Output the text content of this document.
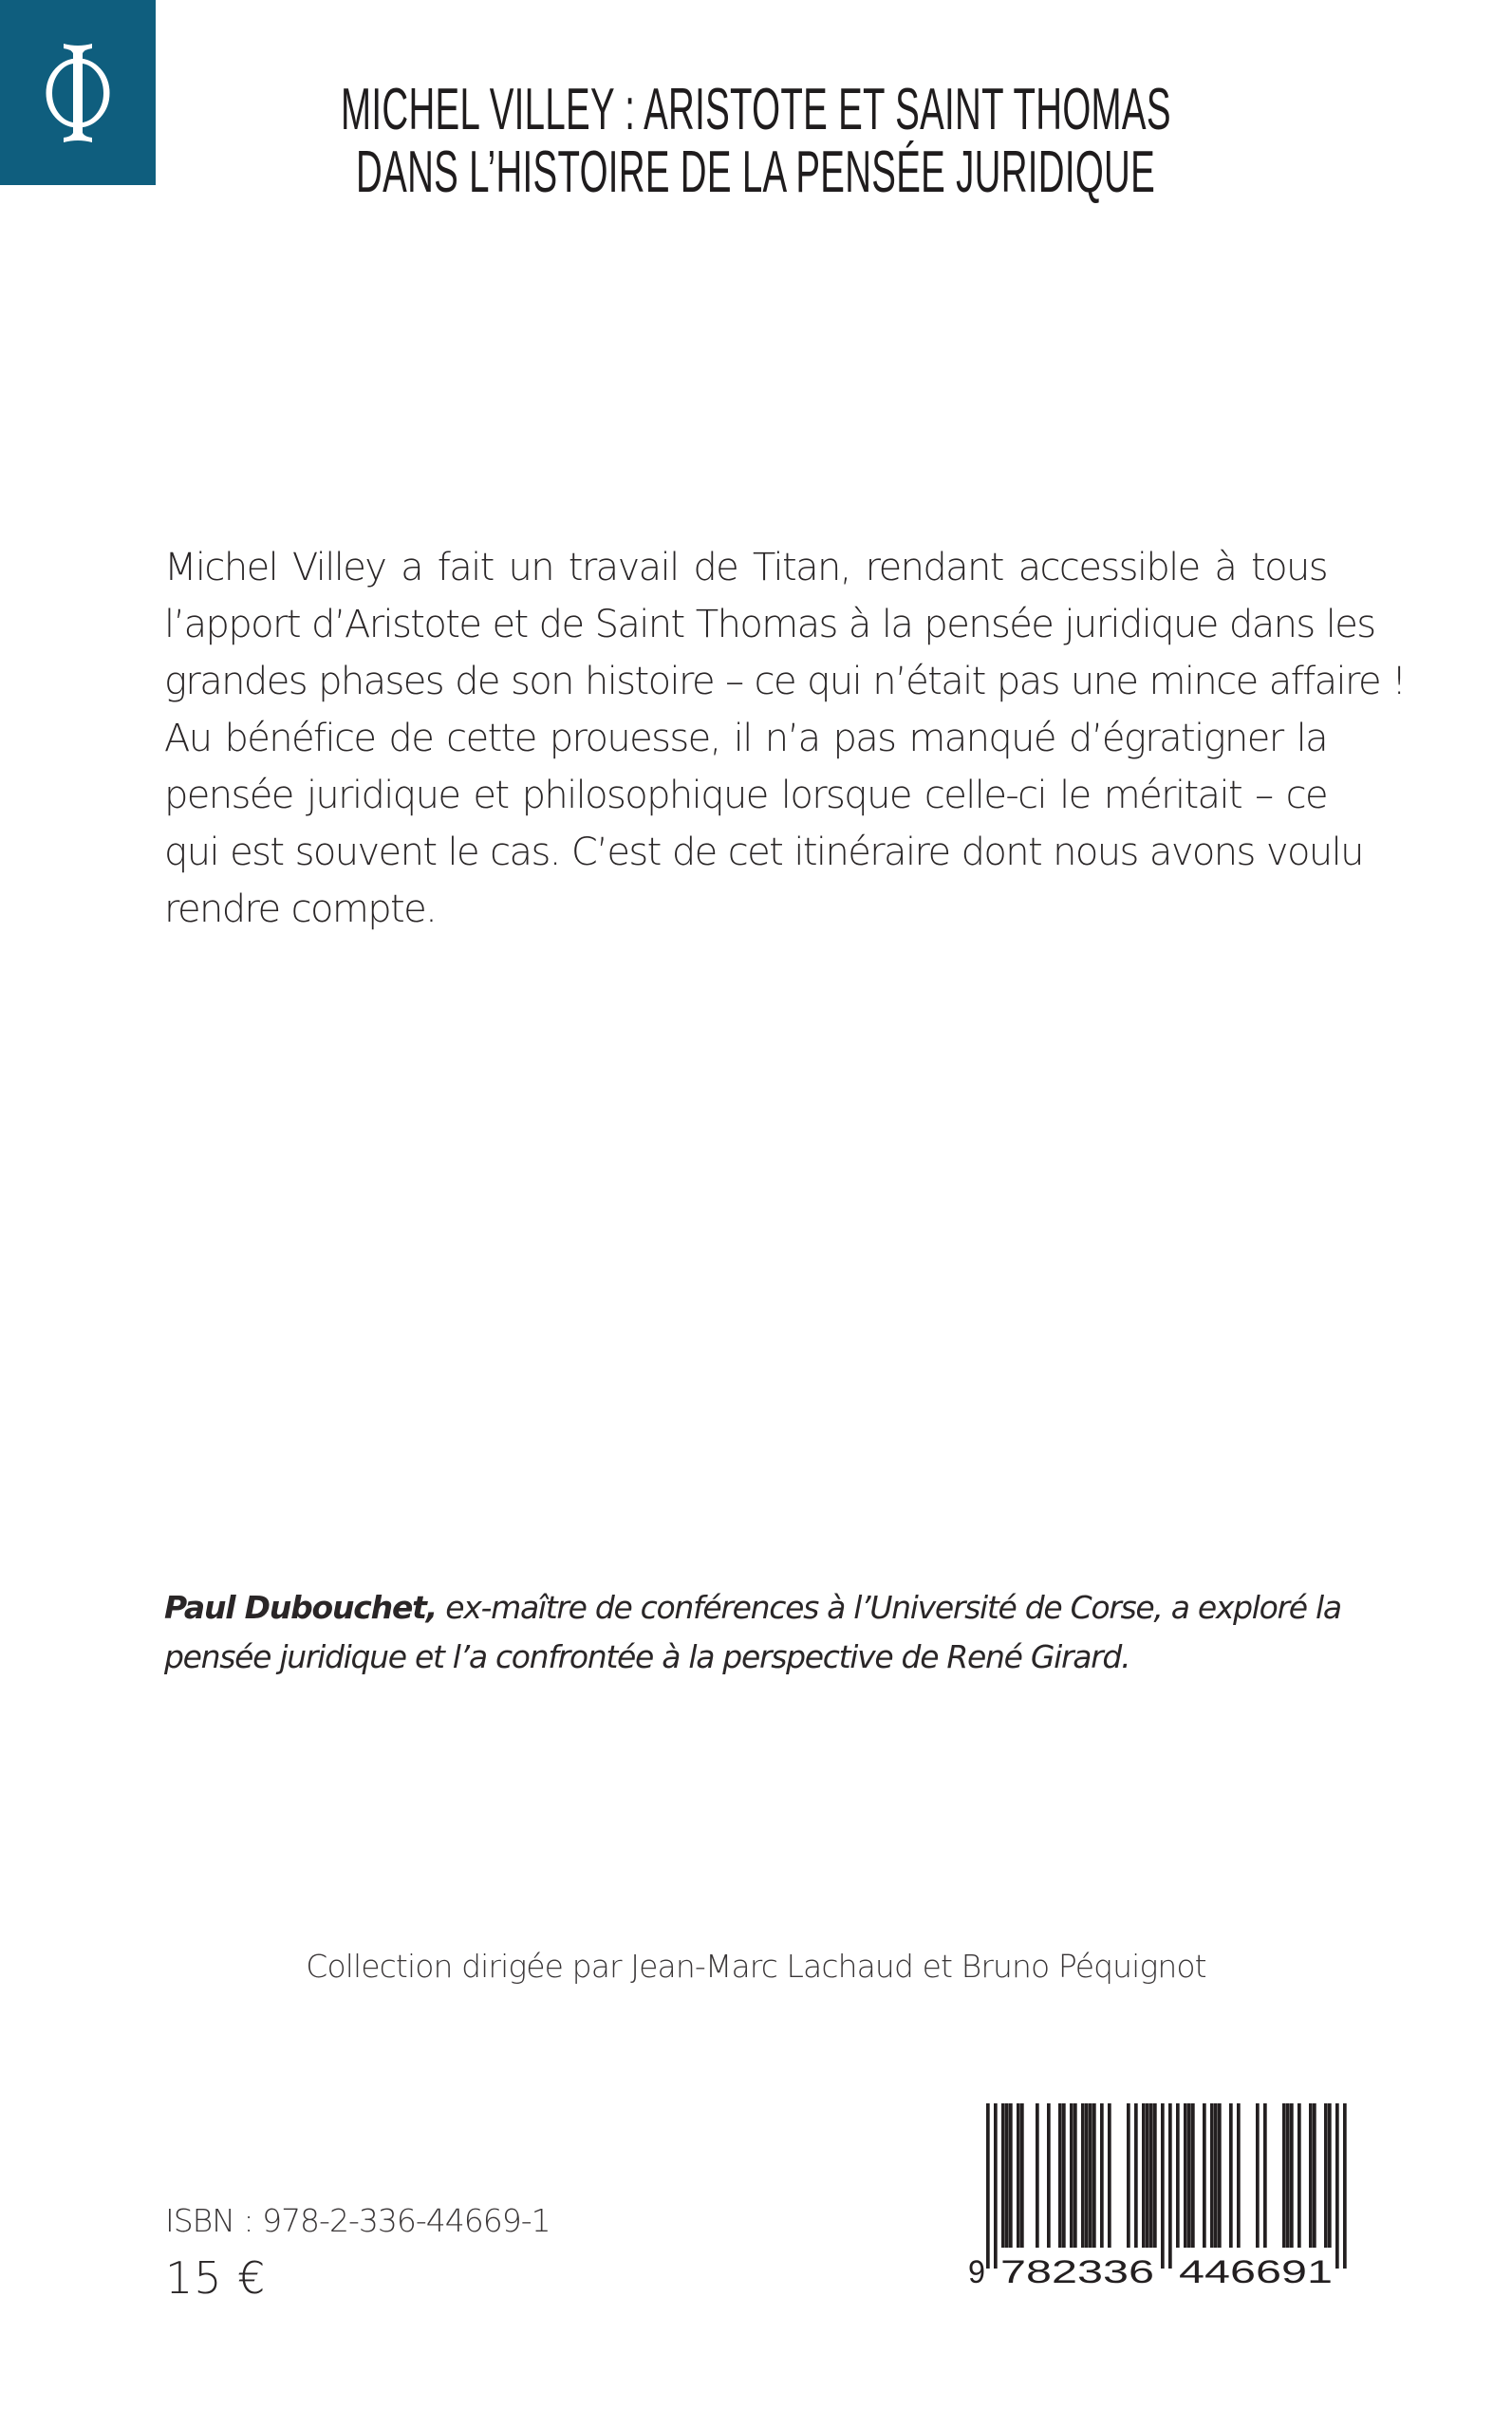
MICHEL VILLEY : ARISTOTE ET SAINT THOMAS
DANS L’HISTOIRE DE LA PENSÉE JURIDIQUE
Michel Villey a fait un travail de Titan, rendant accessible à tous
l’apport d’Aristote et de Saint Thomas à la pensée juridique dans les
grandes phases de son histoire – ce qui n’était pas une mince affaire !
Au bénéfice de cette prouesse, il n’a pas manqué d’égratigner la
pensée juridique et philosophique lorsque celle-ci le méritait – ce
qui est souvent le cas. C’est de cet itinéraire dont nous avons voulu
rendre compte.
Paul Dubouchet, ex-maître de conférences à l’Université de Corse, a exploré la
pensée juridique et l’a confrontée à la perspective de René Girard.
Collection dirigée par Jean-Marc Lachaud et Bruno Péquignot
ISBN : 978-2-336-44669-1
15 €	9 782336 446691
